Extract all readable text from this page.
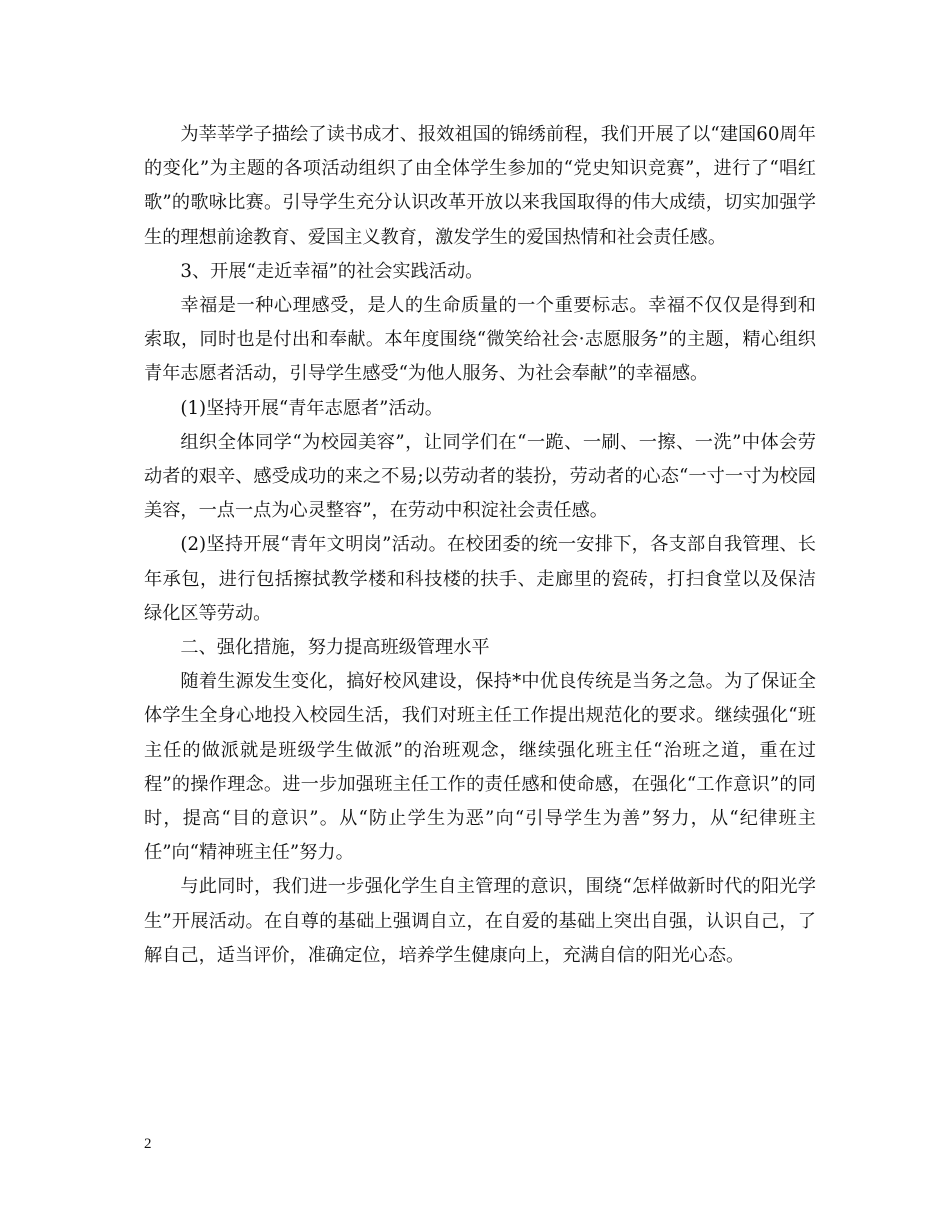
为莘莘学子描绘了读书成才、报效祖国的锦绣前程，我们开展了以“建国60周年的变化”为主题的各项活动组织了由全体学生参加的“党史知识竞赛”，进行了“唱红歌”的歌咏比赛。引导学生充分认识改革开放以来我国取得的伟大成绩，切实加强学生的理想前途教育、爱国主义教育，激发学生的爱国热情和社会责任感。

3、开展“走近幸福”的社会实践活动。

幸福是一种心理感受，是人的生命质量的一个重要标志。幸福不仅仅是得到和索取，同时也是付出和奉献。本年度围绕“微笑给社会·志愿服务”的主题，精心组织青年志愿者活动，引导学生感受“为他人服务、为社会奉献”的幸福感。

(1)坚持开展“青年志愿者”活动。

组织全体同学“为校园美容”，让同学们在“一跪、一刷、一擦、一洗”中体会劳动者的艰辛、感受成功的来之不易;以劳动者的装扮，劳动者的心态“一寸一寸为校园美容，一点一点为心灵整容”，在劳动中积淀社会责任感。

(2)坚持开展“青年文明岗”活动。在校团委的统一安排下，各支部自我管理、长年承包，进行包括擦拭教学楼和科技楼的扶手、走廊里的瓷砖，打扫食堂以及保洁绿化区等劳动。

二、强化措施，努力提高班级管理水平

随着生源发生变化，搞好校风建设，保持*中优良传统是当务之急。为了保证全体学生全身心地投入校园生活，我们对班主任工作提出规范化的要求。继续强化“班主任的做派就是班级学生做派”的治班观念，继续强化班主任“治班之道，重在过程”的操作理念。进一步加强班主任工作的责任感和使命感，在强化“工作意识”的同时，提高“目的意识”。从“防止学生为恶”向“引导学生为善”努力，从“纪律班主任”向“精神班主任”努力。

与此同时，我们进一步强化学生自主管理的意识，围绕“怎样做新时代的阳光学生”开展活动。在自尊的基础上强调自立，在自爱的基础上突出自强，认识自己，了解自己，适当评价，准确定位，培养学生健康向上，充满自信的阳光心态。

2
